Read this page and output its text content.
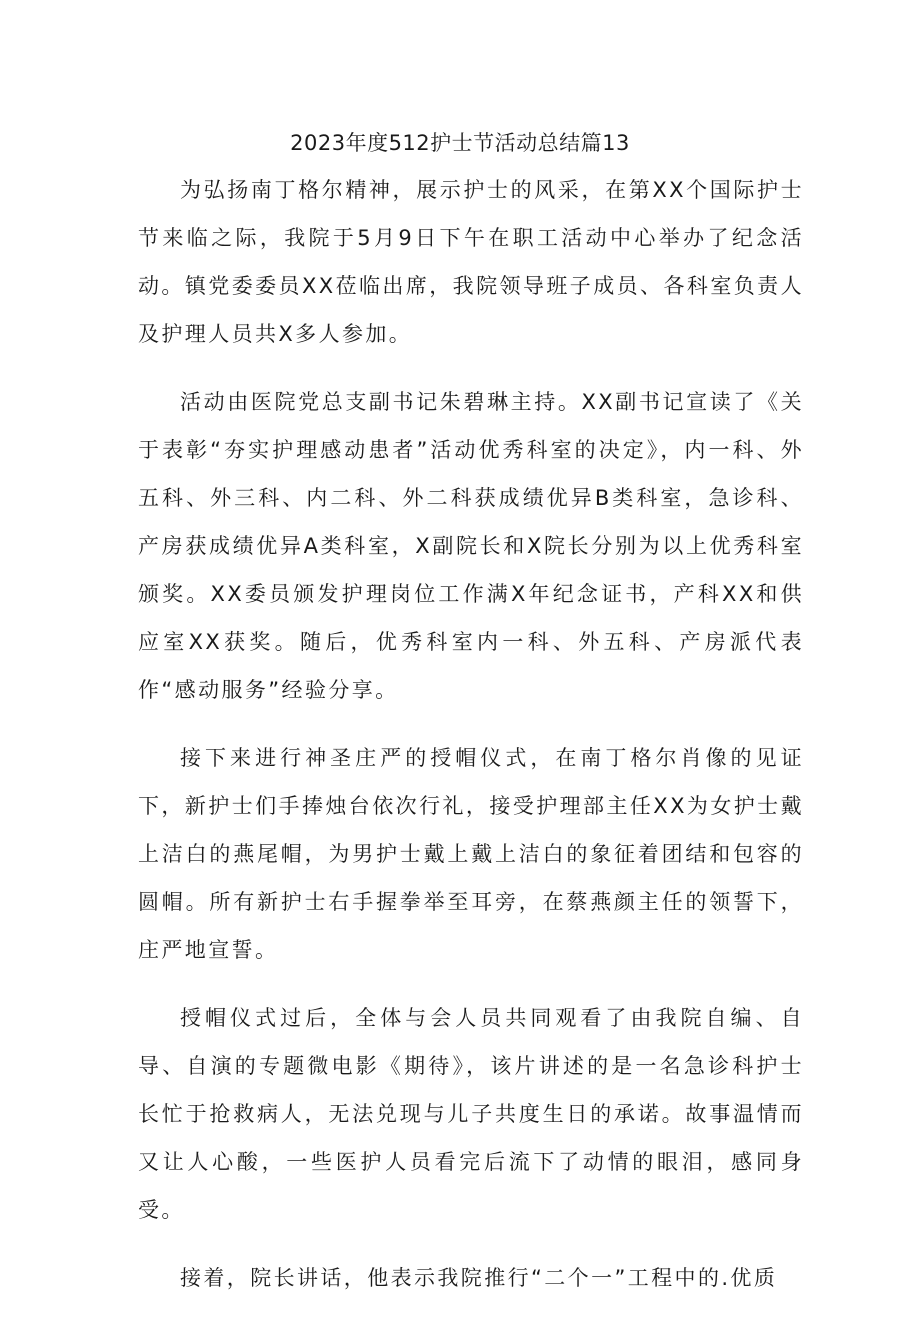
2023年度512护士节活动总结篇13

为弘扬南丁格尔精神，展示护士的风采，在第XX个国际护士节来临之际，我院于5月9日下午在职工活动中心举办了纪念活动。镇党委委员XX莅临出席，我院领导班子成员、各科室负责人及护理人员共X多人参加。

活动由医院党总支副书记朱碧琳主持。XX副书记宣读了《关于表彰“夯实护理感动患者”活动优秀科室的决定》，内一科、外五科、外三科、内二科、外二科获成绩优异B类科室，急诊科、产房获成绩优异A类科室，X副院长和X院长分别为以上优秀科室颁奖。XX委员颁发护理岗位工作满X年纪念证书，产科XX和供应室XX获奖。随后，优秀科室内一科、外五科、产房派代表作“感动服务”经验分享。

接下来进行神圣庄严的授帽仪式，在南丁格尔肖像的见证下，新护士们手捧烛台依次行礼，接受护理部主任XX为女护士戴上洁白的燕尾帽，为男护士戴上戴上洁白的象征着团结和包容的圆帽。所有新护士右手握拳举至耳旁，在蔡燕颜主任的领誓下，庄严地宣誓。

授帽仪式过后，全体与会人员共同观看了由我院自编、自导、自演的专题微电影《期待》，该片讲述的是一名急诊科护士长忙于抢救病人，无法兑现与儿子共度生日的承诺。故事温情而又让人心酸，一些医护人员看完后流下了动情的眼泪，感同身受。

接着，院长讲话，他表示我院推行“二个一”工程中的.优质
